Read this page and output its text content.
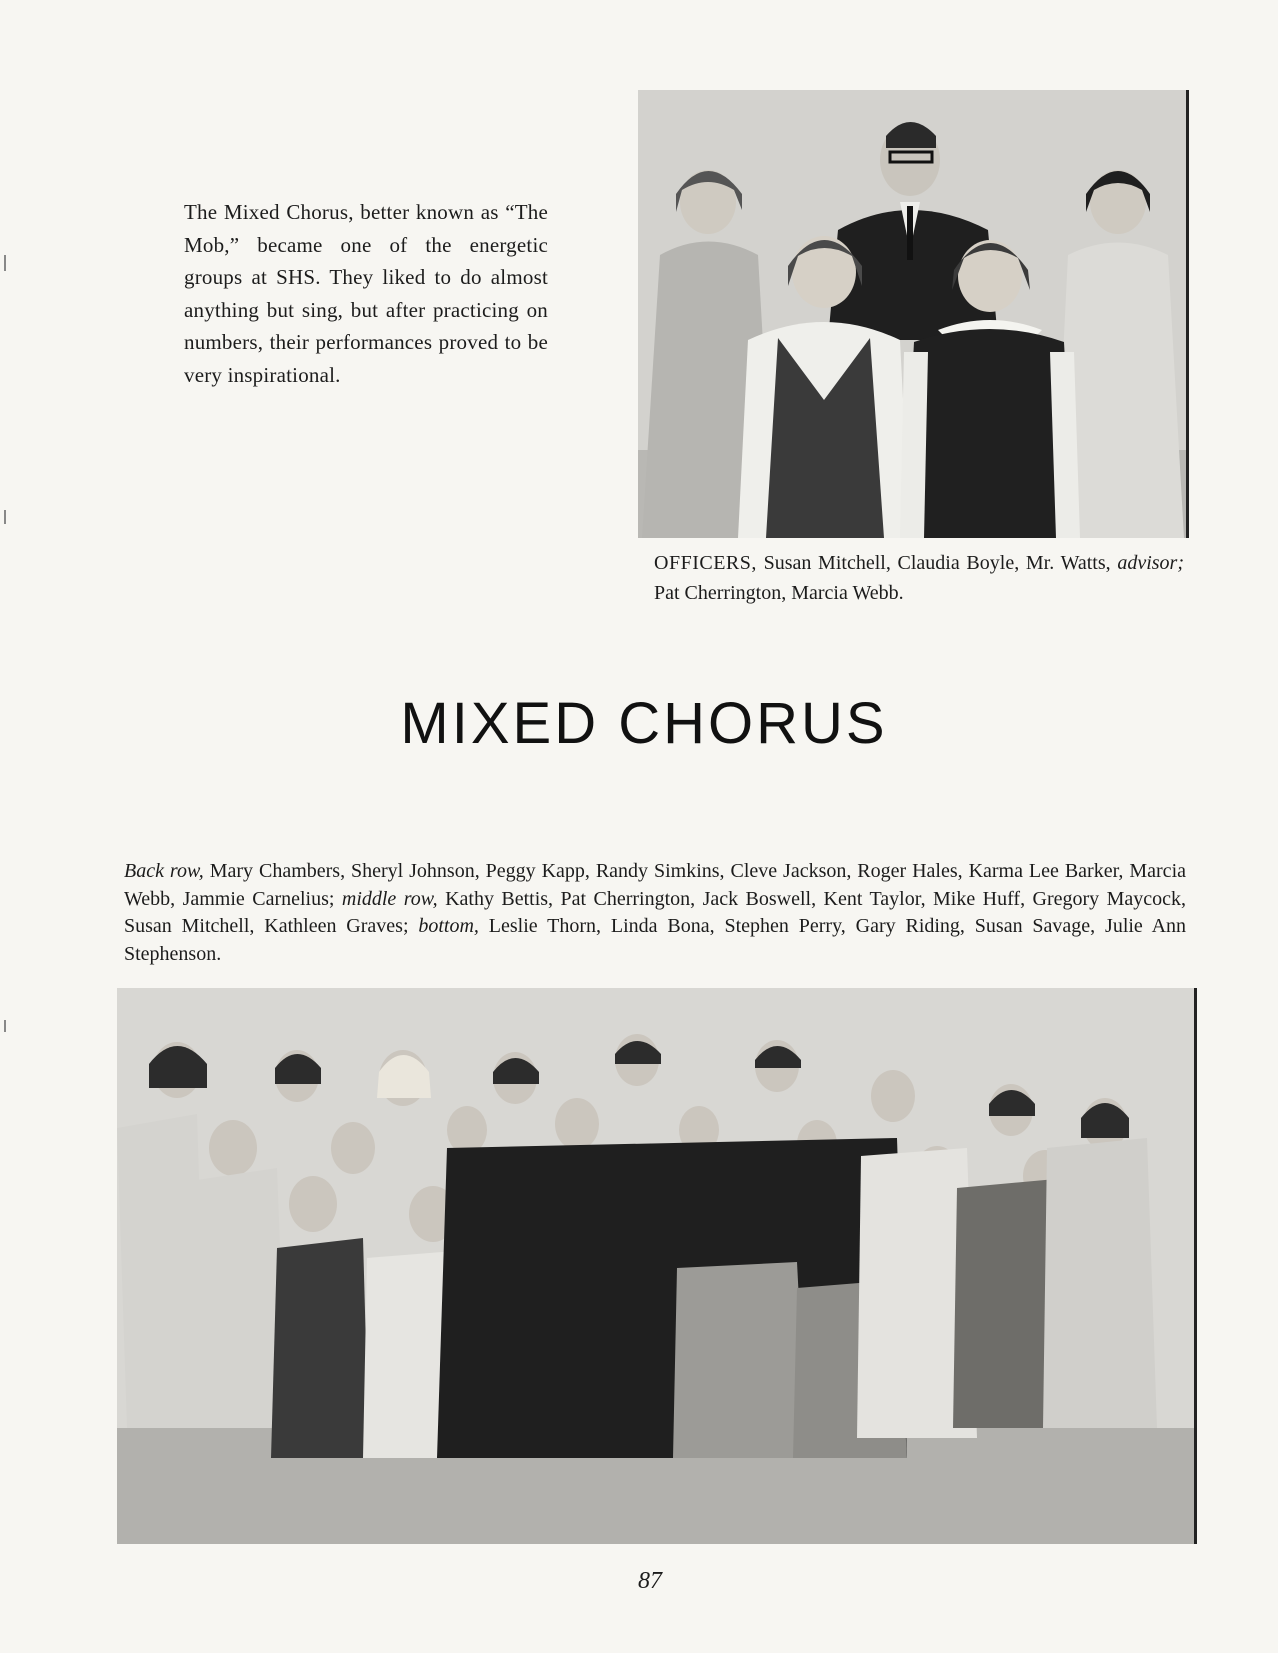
The Mixed Chorus, better known as “The Mob,” became one of the energetic groups at SHS. They liked to do almost anything but sing, but after practicing on numbers, their performances proved to be very inspirational.

OFFICERS, Susan Mitchell, Claudia Boyle, Mr. Watts, advisor; Pat Cherrington, Marcia Webb.

MIXED CHORUS

Back row, Mary Chambers, Sheryl Johnson, Peggy Kapp, Randy Simkins, Cleve Jackson, Roger Hales, Karma Lee Barker, Marcia Webb, Jammie Carnelius; middle row, Kathy Bettis, Pat Cherrington, Jack Boswell, Kent Taylor, Mike Huff, Gregory Maycock, Susan Mitchell, Kathleen Graves; bottom, Leslie Thorn, Linda Bona, Stephen Perry, Gary Riding, Susan Savage, Julie Ann Stephenson.

87
